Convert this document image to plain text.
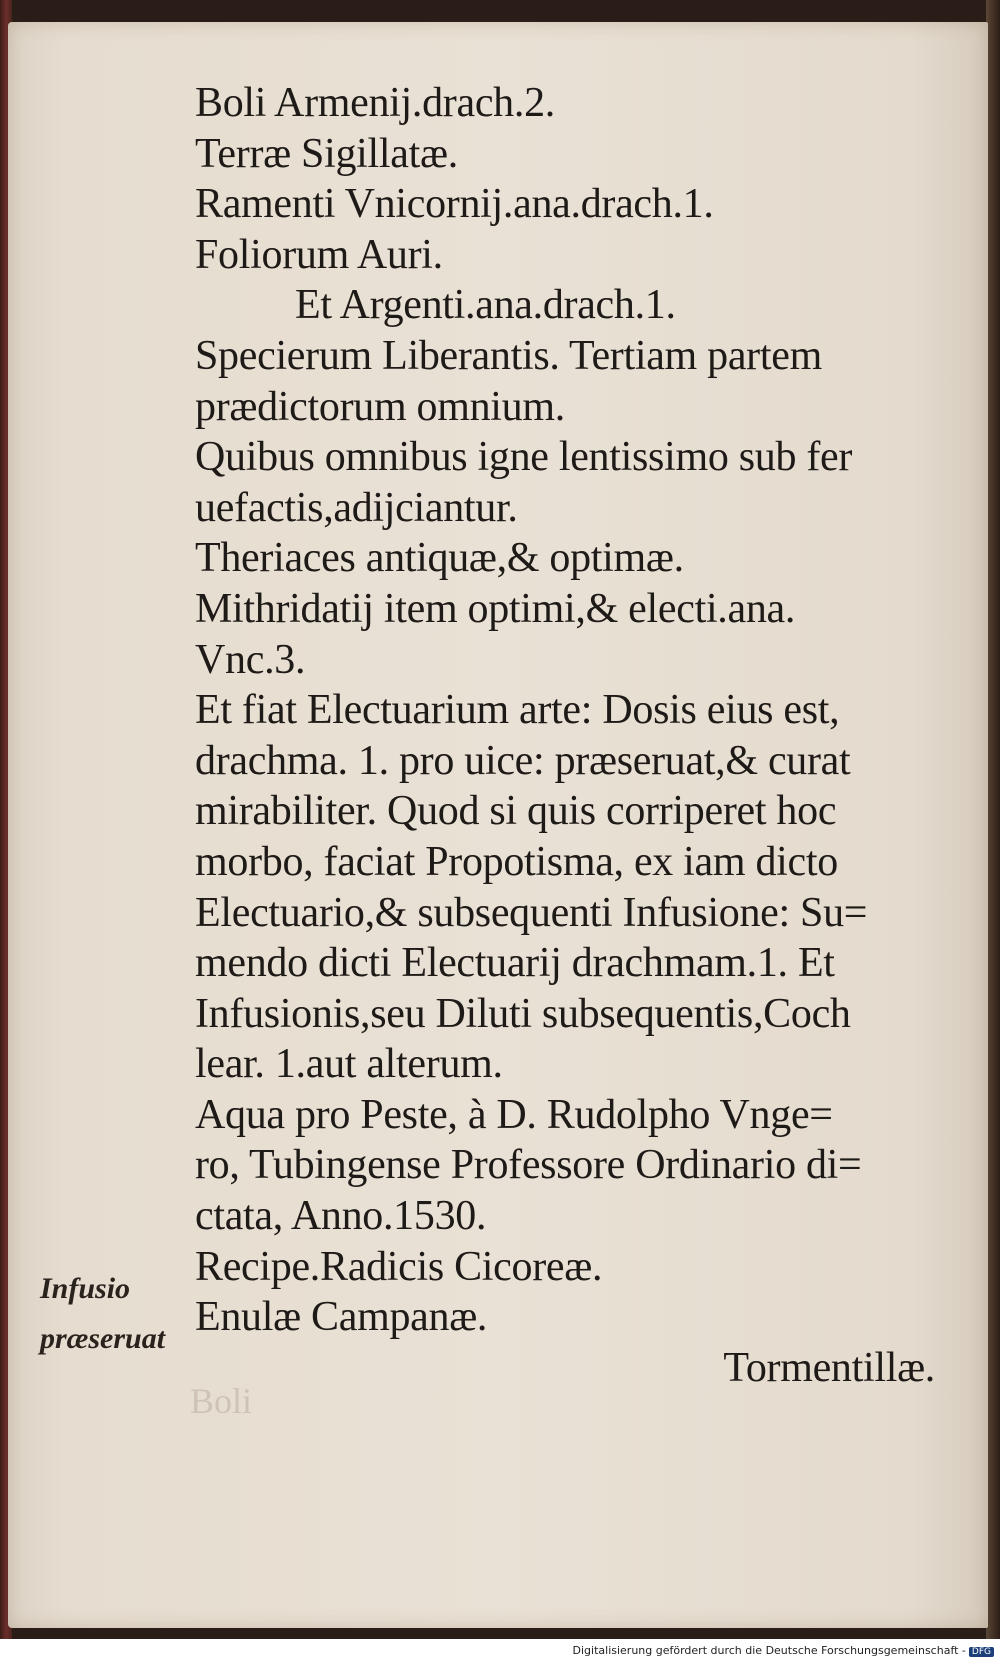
Boli
Boli Armenij.drach.2.
Terræ Sigillatæ.
Ramenti Vnicornij.ana.drach.1.
Foliorum Auri.
Et Argenti.ana.drach.1.
Specierum Liberantis. Tertiam partem
prædictorum omnium.
Quibus omnibus igne lentissimo sub fer
uefactis,adijciantur.
Theriaces antiquæ,& optimæ.
Mithridatij item optimi,& electi.ana.
Vnc.3.
Et fiat Electuarium arte: Dosis eius est,
drachma. 1. pro uice: præseruat,& curat
mirabiliter. Quod si quis corriperet hoc
morbo, faciat Propotisma, ex iam dicto
Electuario,& subsequenti Infusione: Su=
mendo dicti Electuarij drachmam.1. Et
Infusionis,seu Diluti subsequentis,Coch
lear. 1.aut alterum.
Aqua pro Peste, à D. Rudolpho Vnge=
ro, Tubingense Professore Ordinario di=
ctata, Anno.1530.
Recipe.Radicis Cicoreæ.
Enulæ Campanæ.
Tormentillæ.
Infusio
præseruat
Digitalisierung gefördert durch die Deutsche Forschungsgemeinschaft - DFG
